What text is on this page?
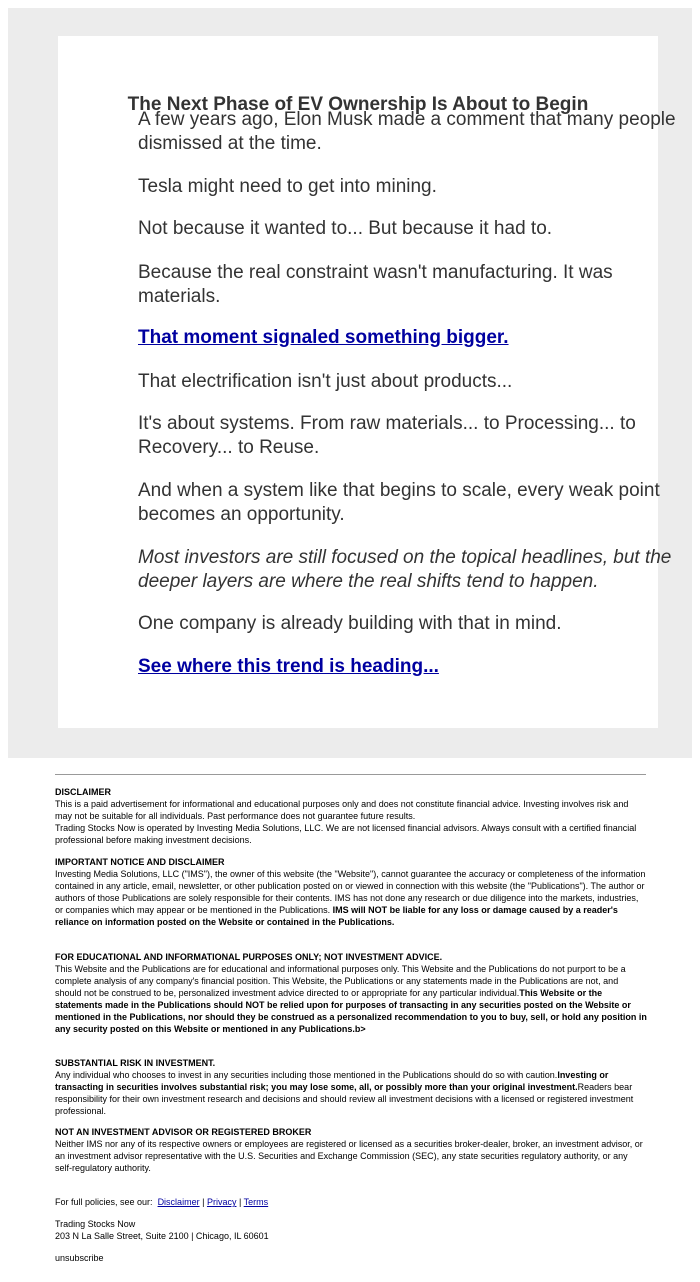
The Next Phase of EV Ownership Is About to Begin

A few years ago, Elon Musk made a comment that many people dismissed at the time.

Tesla might need to get into mining.

Not because it wanted to... But because it had to.

Because the real constraint wasn't manufacturing. It was materials.

That moment signaled something bigger.

That electrification isn't just about products...

It's about systems. From raw materials... to Processing... to Recovery... to Reuse.

And when a system like that begins to scale, every weak point becomes an opportunity.

Most investors are still focused on the topical headlines, but the deeper layers are where the real shifts tend to happen.

One company is already building with that in mind.

See where this trend is heading...
DISCLAIMER
This is a paid advertisement for informational and educational purposes only and does not constitute financial advice. Investing involves risk and may not be suitable for all individuals. Past performance does not guarantee future results.
Trading Stocks Now is operated by Investing Media Solutions, LLC. We are not licensed financial advisors. Always consult with a certified financial professional before making investment decisions.
IMPORTANT NOTICE AND DISCLAIMER
Investing Media Solutions, LLC ("IMS"), the owner of this website (the "Website"), cannot guarantee the accuracy or completeness of the information contained in any article, email, newsletter, or other publication posted on or viewed in connection with this website (the "Publications"). The author or authors of those Publications are solely responsible for their contents. IMS has not done any research or due diligence into the markets, industries, or companies which may appear or be mentioned in the Publications. IMS will NOT be liable for any loss or damage caused by a reader's reliance on information posted on the Website or contained in the Publications.
FOR EDUCATIONAL AND INFORMATIONAL PURPOSES ONLY; NOT INVESTMENT ADVICE.
This Website and the Publications are for educational and informational purposes only. This Website and the Publications do not purport to be a complete analysis of any company's financial position. This Website, the Publications or any statements made in the Publications are not, and should not be construed to be, personalized investment advice directed to or appropriate for any particular individual.This Website or the statements made in the Publications should NOT be relied upon for purposes of transacting in any securities posted on the Website or mentioned in the Publications, nor should they be construed as a personalized recommendation to you to buy, sell, or hold any position in any security posted on this Website or mentioned in any Publications.b>
SUBSTANTIAL RISK IN INVESTMENT.
Any individual who chooses to invest in any securities including those mentioned in the Publications should do so with caution.Investing or transacting in securities involves substantial risk; you may lose some, all, or possibly more than your original investment.Readers bear responsibility for their own investment research and decisions and should review all investment decisions with a licensed or registered investment professional.
NOT AN INVESTMENT ADVISOR OR REGISTERED BROKER
Neither IMS nor any of its respective owners or employees are registered or licensed as a securities broker-dealer, broker, an investment advisor, or an investment advisor representative with the U.S. Securities and Exchange Commission (SEC), any state securities regulatory authority, or any self-regulatory authority.
For full policies, see our: Disclaimer | Privacy | Terms
Trading Stocks Now
203 N La Salle Street, Suite 2100 | Chicago, IL 60601
unsubscribe
